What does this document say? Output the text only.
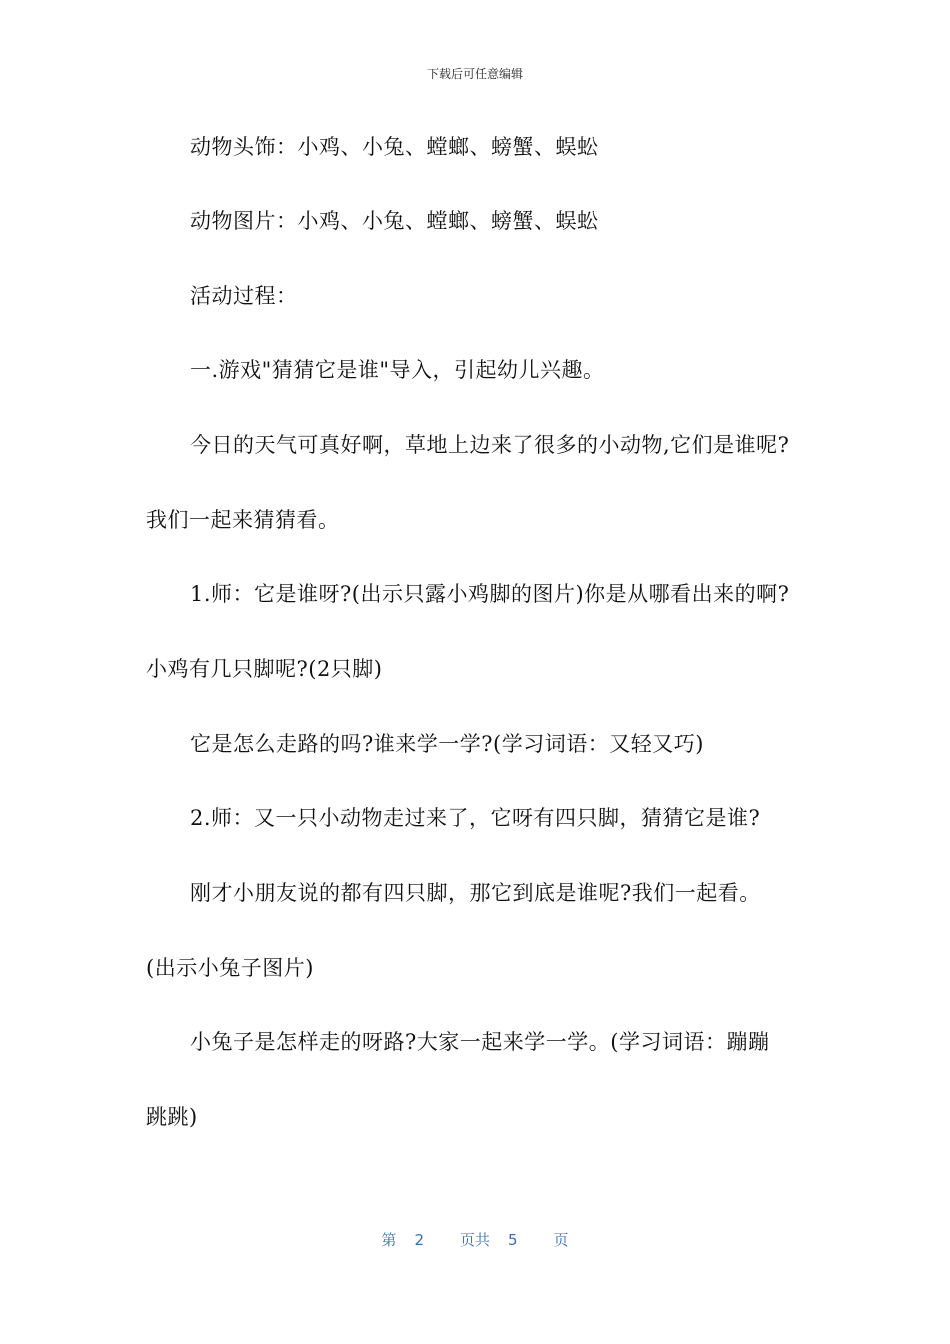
下载后可任意编辑
动物头饰：小鸡、小兔、螳螂、螃蟹、蜈蚣
动物图片：小鸡、小兔、螳螂、螃蟹、蜈蚣
活动过程：
一.游戏"猜猜它是谁"导入，引起幼儿兴趣。
今日的天气可真好啊，草地上边来了很多的小动物,它们是谁呢?
我们一起来猜猜看。
1.师：它是谁呀?(出示只露小鸡脚的图片)你是从哪看出来的啊?
小鸡有几只脚呢?(2只脚)
它是怎么走路的吗?谁来学一学?(学习词语：又轻又巧)
2.师：又一只小动物走过来了，它呀有四只脚，猜猜它是谁?
刚才小朋友说的都有四只脚，那它到底是谁呢?我们一起看。
(出示小兔子图片)
小兔子是怎样走的呀路?大家一起来学一学。(学习词语：蹦蹦
跳跳)
第 2 页共 5 页
